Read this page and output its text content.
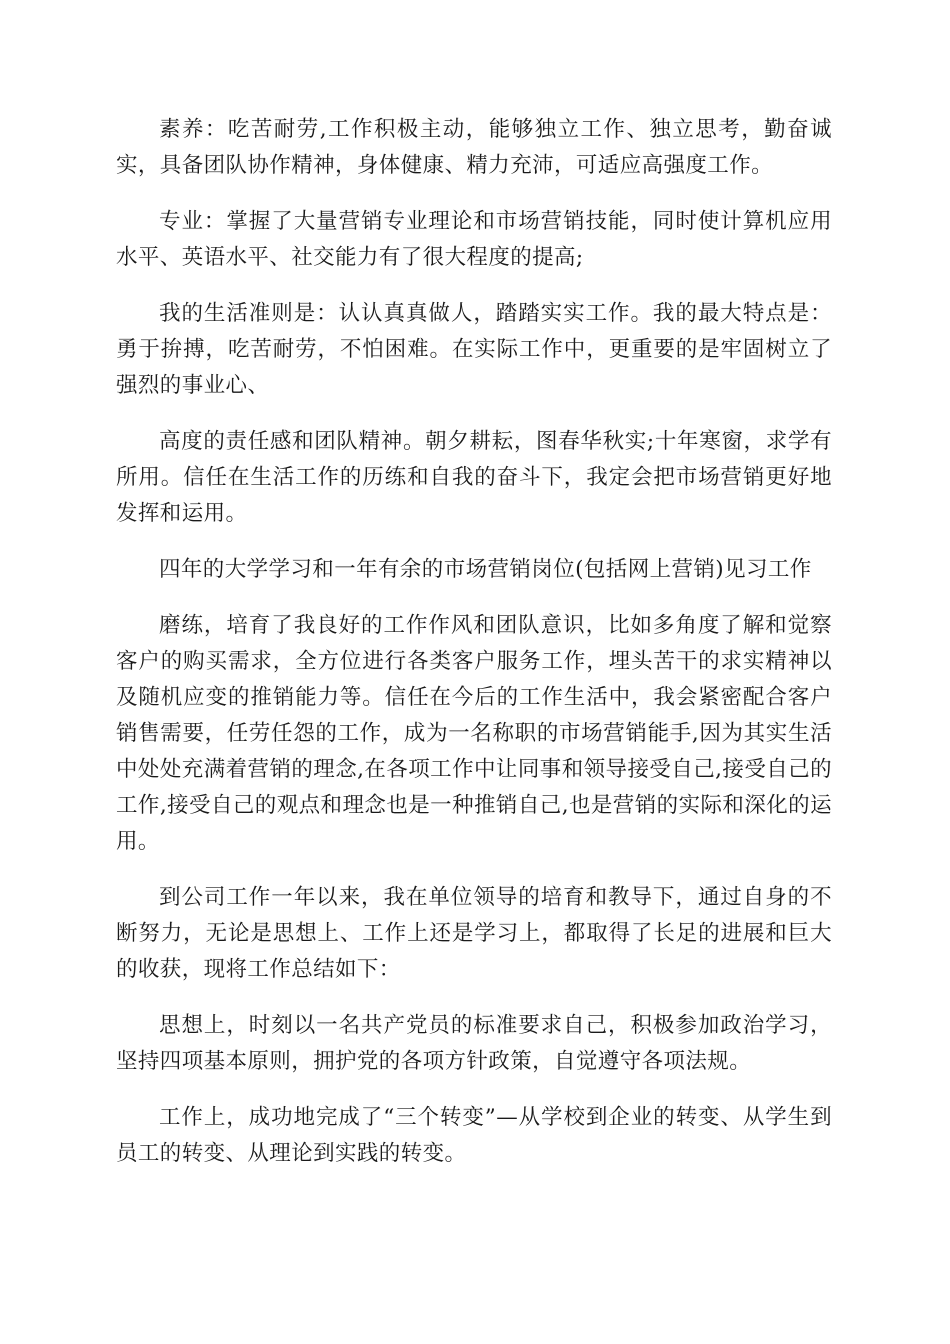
素养：吃苦耐劳,工作积极主动，能够独立工作、独立思考，勤奋诚实，具备团队协作精神，身体健康、精力充沛，可适应高强度工作。

专业：掌握了大量营销专业理论和市场营销技能，同时使计算机应用水平、英语水平、社交能力有了很大程度的提高;

我的生活准则是：认认真真做人，踏踏实实工作。我的最大特点是：勇于拚搏，吃苦耐劳，不怕困难。在实际工作中，更重要的是牢固树立了强烈的事业心、

高度的责任感和团队精神。朝夕耕耘，图春华秋实;十年寒窗，求学有所用。信任在生活工作的历练和自我的奋斗下，我定会把市场营销更好地发挥和运用。

四年的大学学习和一年有余的市场营销岗位(包括网上营销)见习工作

磨练，培育了我良好的工作作风和团队意识，比如多角度了解和觉察客户的购买需求，全方位进行各类客户服务工作，埋头苦干的求实精神以及随机应变的推销能力等。信任在今后的工作生活中，我会紧密配合客户销售需要，任劳任怨的工作，成为一名称职的市场营销能手,因为其实生活中处处充满着营销的理念,在各项工作中让同事和领导接受自己,接受自己的工作,接受自己的观点和理念也是一种推销自己,也是营销的实际和深化的运用。

到公司工作一年以来，我在单位领导的培育和教导下，通过自身的不断努力，无论是思想上、工作上还是学习上，都取得了长足的进展和巨大的收获，现将工作总结如下：

思想上，时刻以一名共产党员的标准要求自己，积极参加政治学习，坚持四项基本原则，拥护党的各项方针政策，自觉遵守各项法规。

工作上，成功地完成了“三个转变”—从学校到企业的转变、从学生到员工的转变、从理论到实践的转变。
